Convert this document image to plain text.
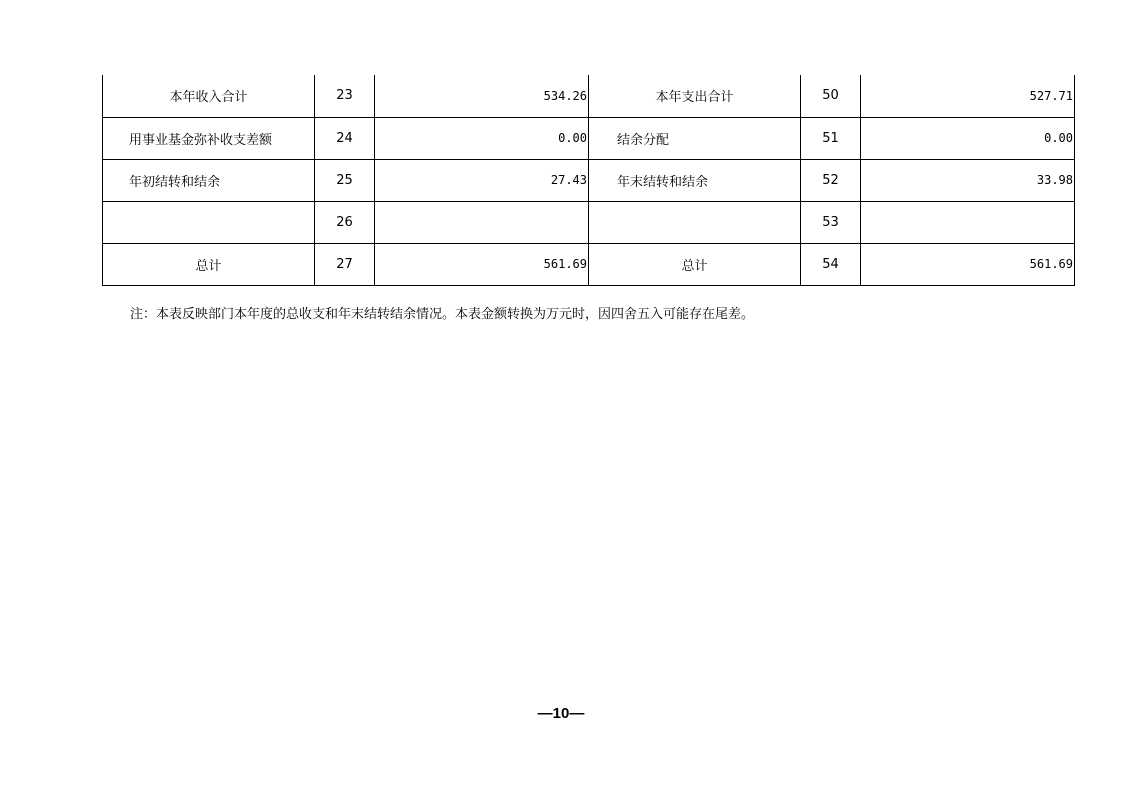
本年收入合计	23	534.26	本年支出合计	50	527.71
用事业基金弥补收支差额	24	0.00	结余分配	51	0.00
年初结转和结余	25	27.43	年末结转和结余	52	33.98
	26			53	
总计	27	561.69	总计	54	561.69
注：本表反映部门本年度的总收支和年末结转结余情况。本表金额转换为万元时，因四舍五入可能存在尾差。
—10—
